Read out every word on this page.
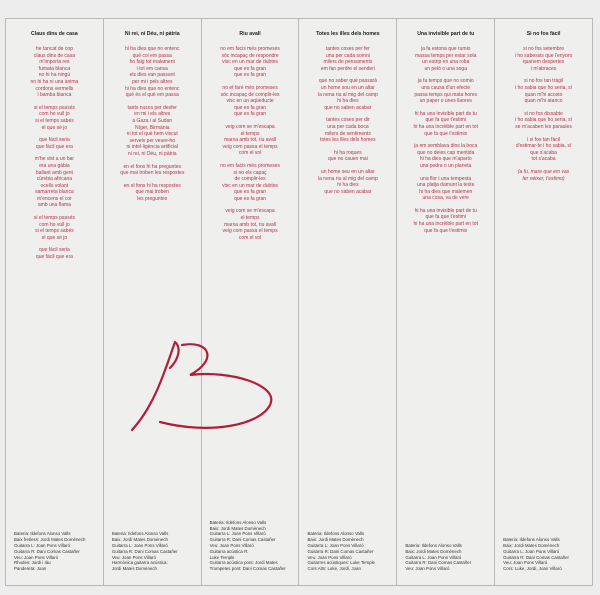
Claus dins de casa
he tancat de cop
claus dins de casa
m'importa res
fumata blanca
no hi ha ningú
no hi ha ni una ànima
cordons vermells
i bamba blanca
si el temps passés
com ho vull jo
si el temps sabés
el que sé jo
que fàcil seria
que fàcil que era
m'he vist a un bar
era una gàbia
ballant amb gent
cúmbia africana
ocells volant
samarreta blanca
m'encens el cor
amb una flama
si el temps passés
com ho vull jo
si el temps sabés
el que sé jo
que fàcil seria
que fàcil que era
Bateria: Ildefons Alonso Valls
Baix fretless: Jordi Mates Domènech
Guitarra L: Joan Pons Villaró
Guitarra R: Dani Comas Castañer
Veu: Joan Pons Villaró
Rhodes: Jordi i Iàu
Pandereta: Joan
Ni rei, ni Déu, ni pàtria
hi ha dies que no entenc
què coi em passa
ho faig tot malament
i tot em cansa
els dies van passant
per mi i pels altres
hi ha dies que no entenc
què és el què em passa
tants nusos per desfer
en mi i els altres
a Gaza i al Sudan
Níger, Birmània
ni tot el què hem viscut
serveix per veure-ho
ni intel·ligència artificial
ni rei, ni Déu, ni pàtria
en el fons hi ha preguntes
que mai troben les respostes
en el fons hi ha respostes
que mai troben
les preguntes
Bateria: Ildefons Alonso Valls
Baix: Jordi Mates Domènech
Guitarra L: Joan Pons Villaró
Guitarra R: Dani Comas Castañer
Veu: Joan Pons Villaró
Harmònica guitarra acústica:
Jordi Mates Domènech
Riu avall
no em facis més promeses
sóc incapaç de respondre
visc en un mar de dubtes
que es fa gran
que es fa gran
no et faré més promeses
sóc incapaç de complir-les
visc en un aqüeducte
que es fa gran
que es fa gran
veig com se m'escapa
el temps
marxa amb tot, riu avall
veig com passa el temps
com el vol
no em facis més promeses
si no els capaç
de complir-les
visc en un mar de dubtes
que es fa gran
que es fa gran
veig com se m'escapa
el temps
marxa amb tot, riu avall
veig com passa el temps
com el vol
Bateria: Ildefons Alonso Valls
Baix: Jordi Mates Domènech
Guitarra L: Joan Pons Villaró
Guitarra R: Dani Comas Castañer
Veu: Joan Pons Villaró
Guitarra acústica R:
Luke Temple
Guitarra acústica pont: Jordi Mates
Trompetes pont: Dani Comas Castañer
Totes les illes dels homes
tantes coses per fer
una per cada somni
milers de pensaments
em fan perdre el senderi
que no saber què passarà
un home sou en un altar
la nena riu al mig del camp
hi ha dies
que no saben acabar
tantes coses per dir
una per cada boca
milers de sentiments
totes les illes dels homes
hi ha roques
que no cauen mai
un home seu en un altar
la nena riu al mig del camp
hi ha dies
que no saben acabar
Bateria: Ildefons Alonso Valls
Baix: Jordi Mates Domènech
Guitarra L: Joan Pons Villaró
Guitarra R: Dani Comas Castañer
Veu: Joan Pons Villaró
Guitarres acústiques: Luke Temple
Cors Alts: Luke, Jordi, Joan
Una invisible part de tu
ja fa estona que rumio
massa temps per estar sola
un estrip en una roba
un peló o una soga
ja fa temps que no somio
una causa d'un efecte
passa temps qui mata hores
un paper o unes llaores
hi ha una invisible part de tu
que fa que t'estimi
hi ha una incrèible part en tot
que fa que t'estimis
ja em semblava dins la boca
que no deies cap mentida
hi ha dies que m'aparto
una pedra o un planeta
una flor i una tempesta
una platja damunt la teste
hi ha dies que malemen
una cosa, va de vere
hi ha una invisible part de tu
que fa que t'estimi
hi ha una incrèible part en tot
que fa que t'estimis
Bateria: Ildefons Alonso Valls
Baix: Jordi Mates Domènech
Guitarra L: Joan Pons Villaró
Guitarra R: Dani Comas Castañer
Veu: Joan Pons Villaró
Si no fos fàcil
si no fos setembre
i ho sabessis que l'enyoro
quanem despertes
i m'abraces
si no fos tan tràgil
i ho sabia que ho seria, sí
quan m'hi acosto
quan m'hi atanco
si no fos dissabte
i ho sabia que ho seria, sí
se m'acaben les paraules
i si fos tan fàcil
d'estimar-te i ho sabia, sí
que s'acaba
tot s'acaba
(a fu, mare que em vas
fer néixer, t'estimo)
Bateria: Ildefons Alonso Valls
Baix: Jordi Mates Domènech
Guitarra L: Joan Pons Villaró
Guitarra R: Dani Comas Castañer
Veu: Joan Pons Villaró
Cors: Luke, Jordi, Joan Villaró
